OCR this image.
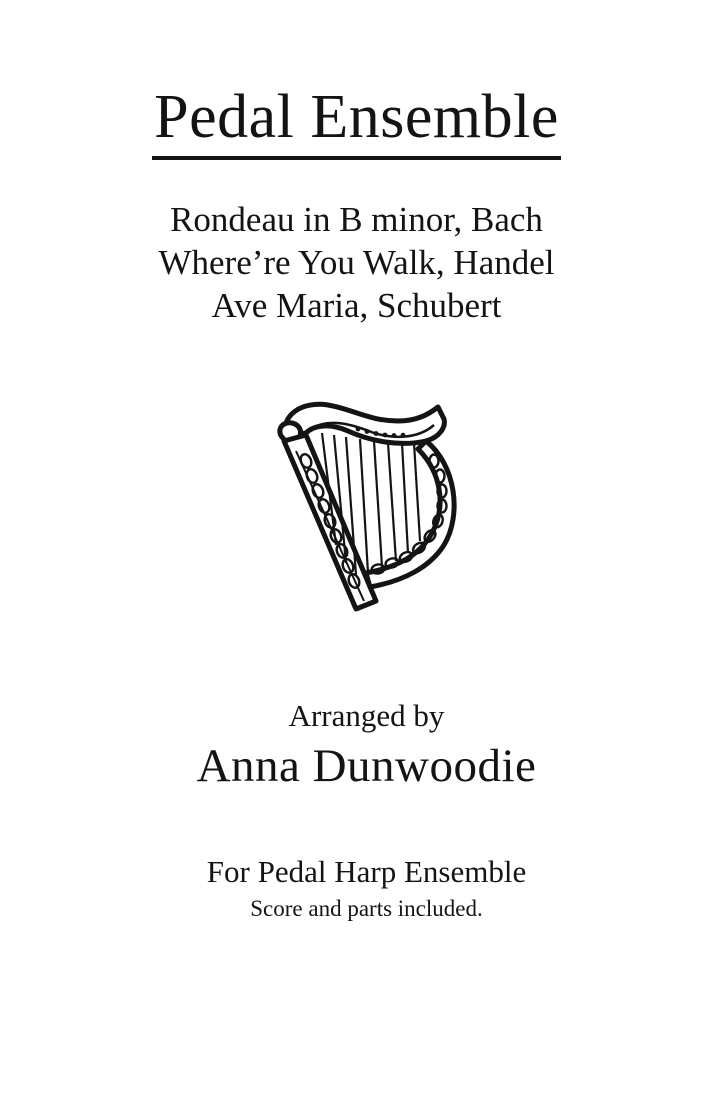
Pedal Ensemble
Rondeau in B minor, Bach
Where’re You Walk, Handel
Ave Maria, Schubert
Arranged by
Anna Dunwoodie
For Pedal Harp Ensemble
Score and parts included.
